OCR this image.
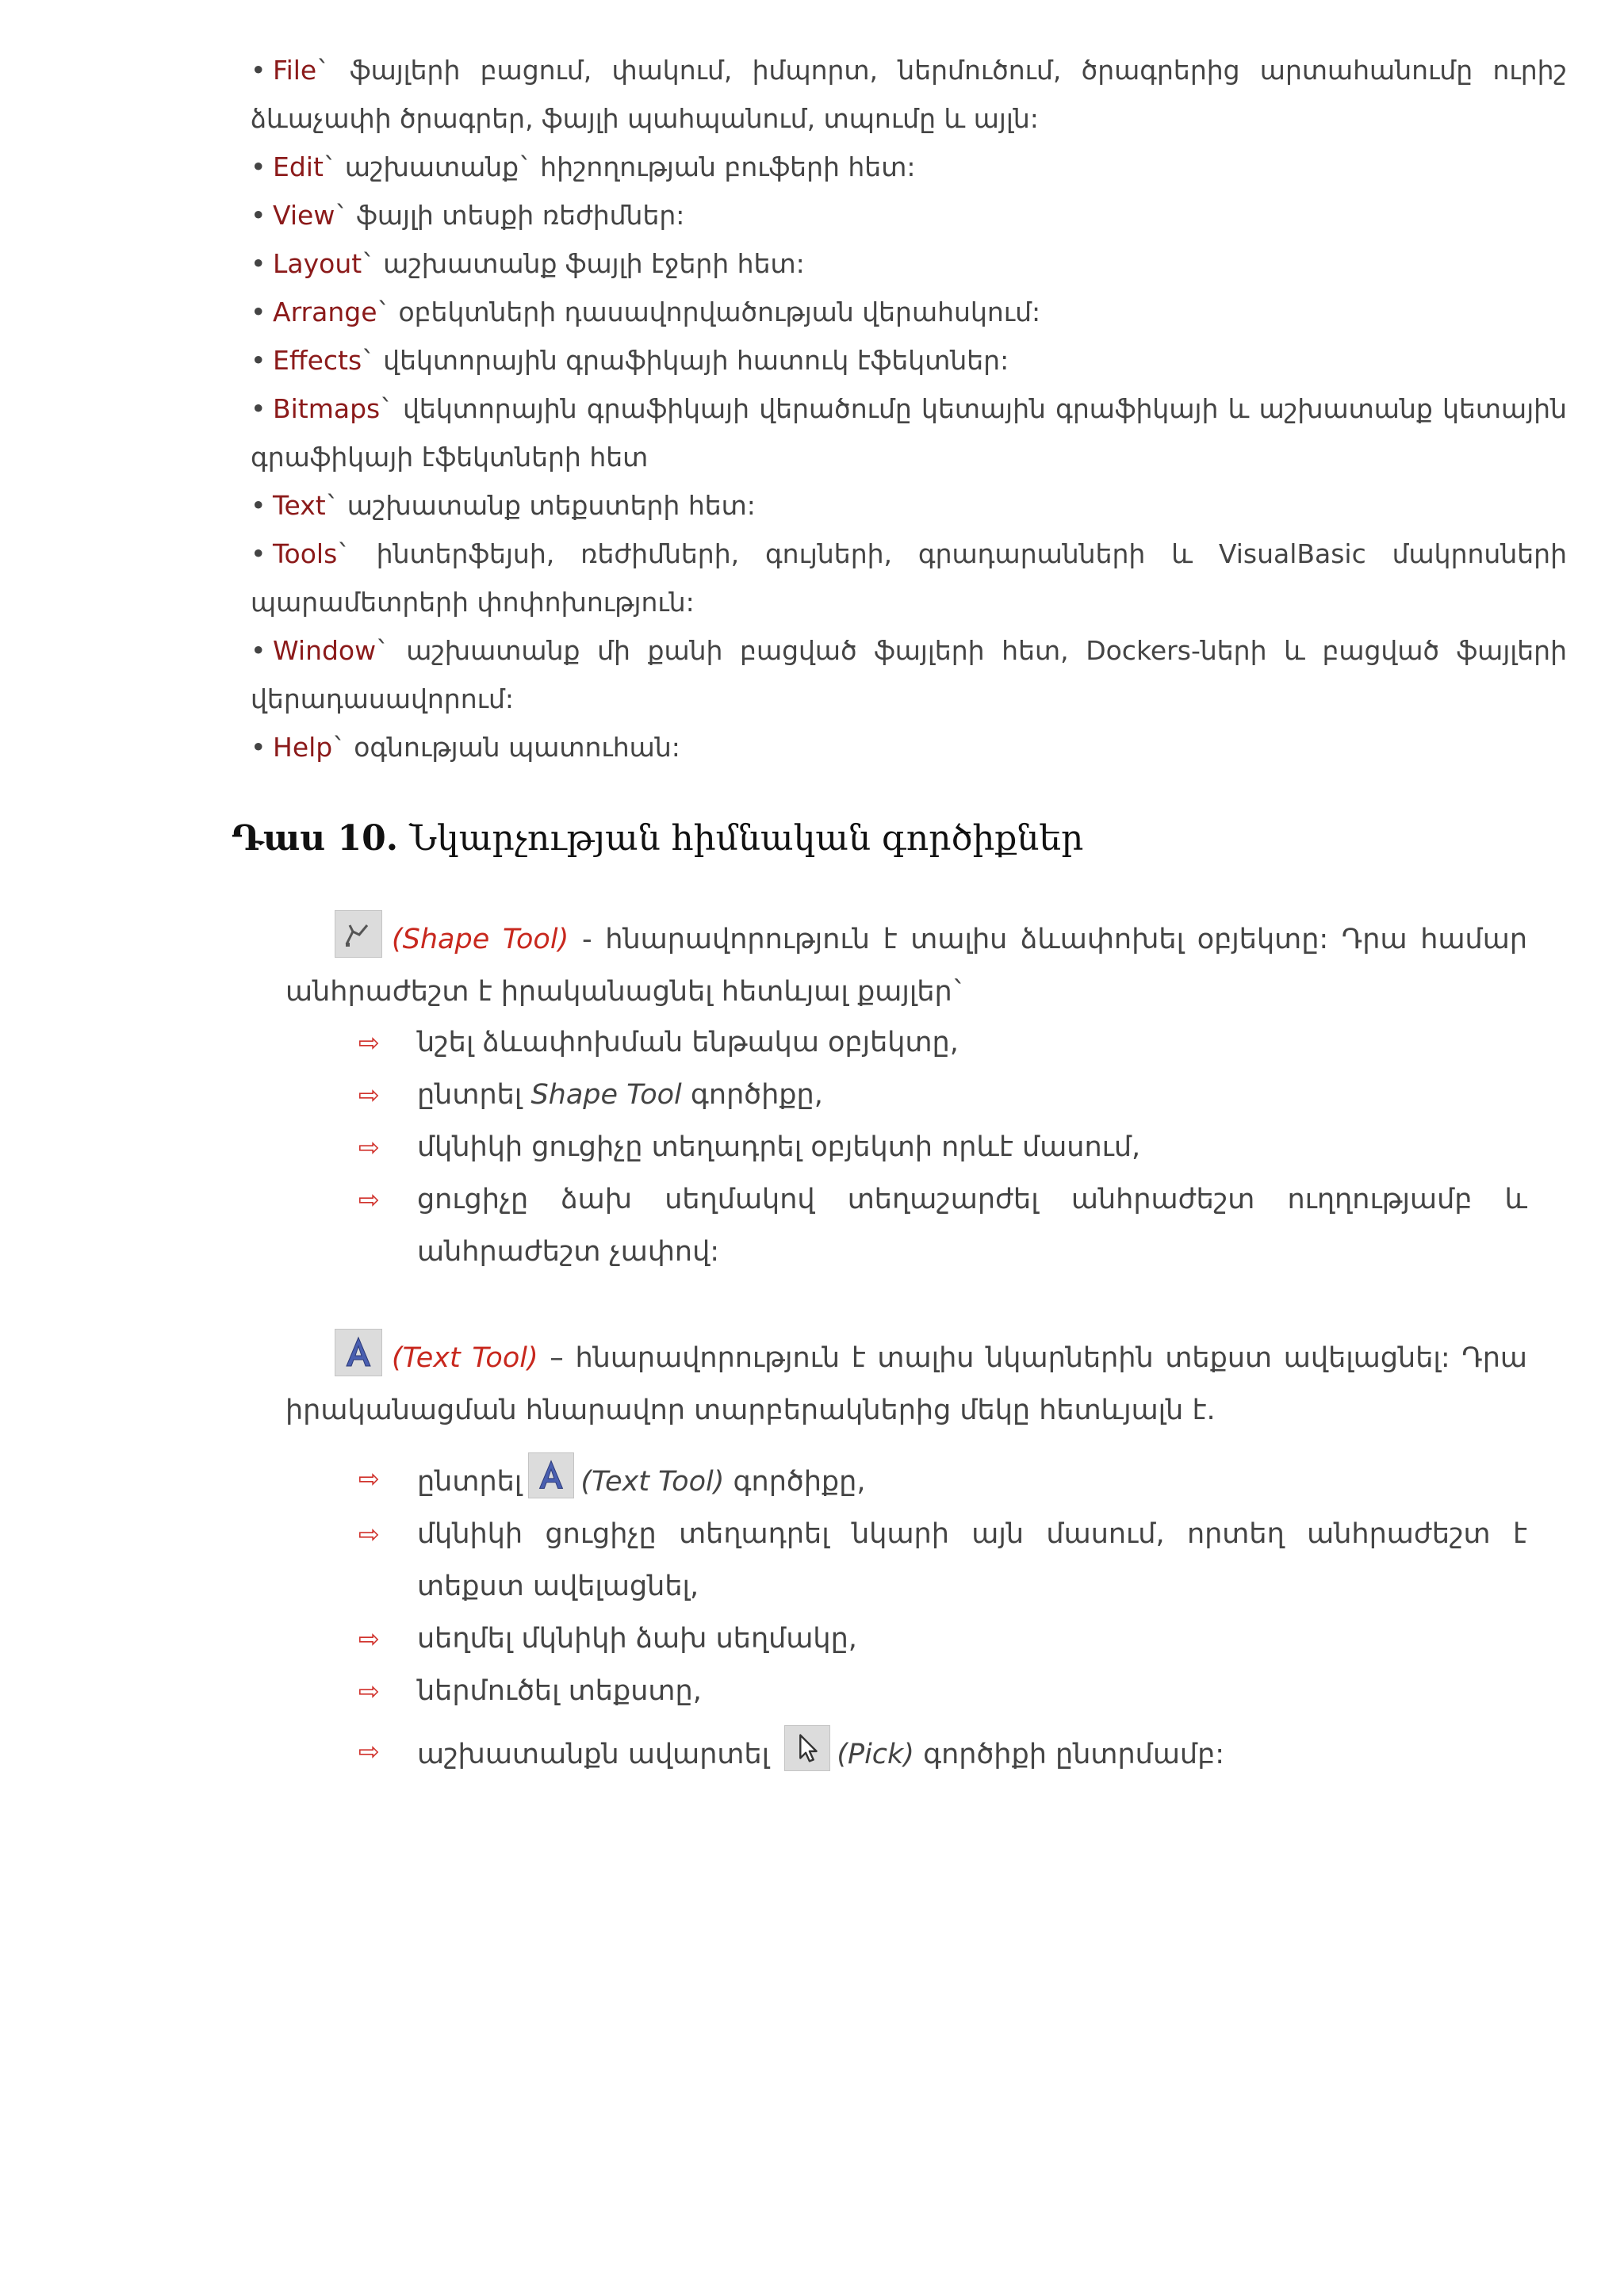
• File` ֆայլերի բացում, փակում, իմպորտ, ներմուծում, ծրագրերից արտահանումը ուրիշ ձևաչափի ծրագրեր, ֆայլի պահպանում, տպումը և այլն:
• Edit` աշխատանք` հիշողության բուֆերի հետ:
• View` ֆայլի տեսքի ռեժիմներ:
• Layout` աշխատանք ֆայլի էջերի հետ:
• Arrange` օբեկտների դասավորվածության վերահսկում:
• Effects` վեկտորային գրաֆիկայի հատուկ էֆեկտներ:
• Bitmaps` վեկտորային գրաֆիկայի վերածումը կետային գրաֆիկայի և աշխատանք կետային գրաֆիկայի էֆեկտների հետ
• Text` աշխատանք տեքստերի հետ:
• Tools` ինտերֆեյսի, ռեժիմների, գույների, գրադարանների և VisualBasic մակրոսների պարամետրերի փոփոխություն:
• Window` աշխատանք մի քանի բացված ֆայլերի հետ, Dockers-ների և բացված ֆայլերի վերադասավորում:
• Help` օգնության պատուհան:
Դաս 10. Նկարչության հիմնական գործիքներ
(Shape Tool) - հնարավորություն է տալիս ձևափոխել օբյեկտը: Դրա համար անհրաժեշտ է իրականացնել հետևյալ քայլեր`
⇨ նշել ձևափոխման ենթակա օբյեկտը,
⇨ ընտրել Shape Tool գործիքը,
⇨ մկնիկի ցուցիչը տեղադրել օբյեկտի որևէ մասում,
⇨ ցուցիչը ձախ սեղմակով տեղաշարժել անհրաժեշտ ուղղությամբ և անհրաժեշտ չափով:
(Text Tool) – հնարավորություն է տալիս նկարներին տեքստ ավելացնել: Դրա իրականացման հնարավոր տարբերակներից մեկը հետևյալն է.
⇨ ընտրել (Text Tool) գործիքը,
⇨ մկնիկի ցուցիչը տեղադրել նկարի այն մասում, որտեղ անհրաժեշտ է տեքստ ավելացնել,
⇨ սեղմել մկնիկի ձախ սեղմակը,
⇨ ներմուծել տեքստը,
⇨ աշխատանքն ավարտել
(Pick) գործիքի ընտրմամբ:
